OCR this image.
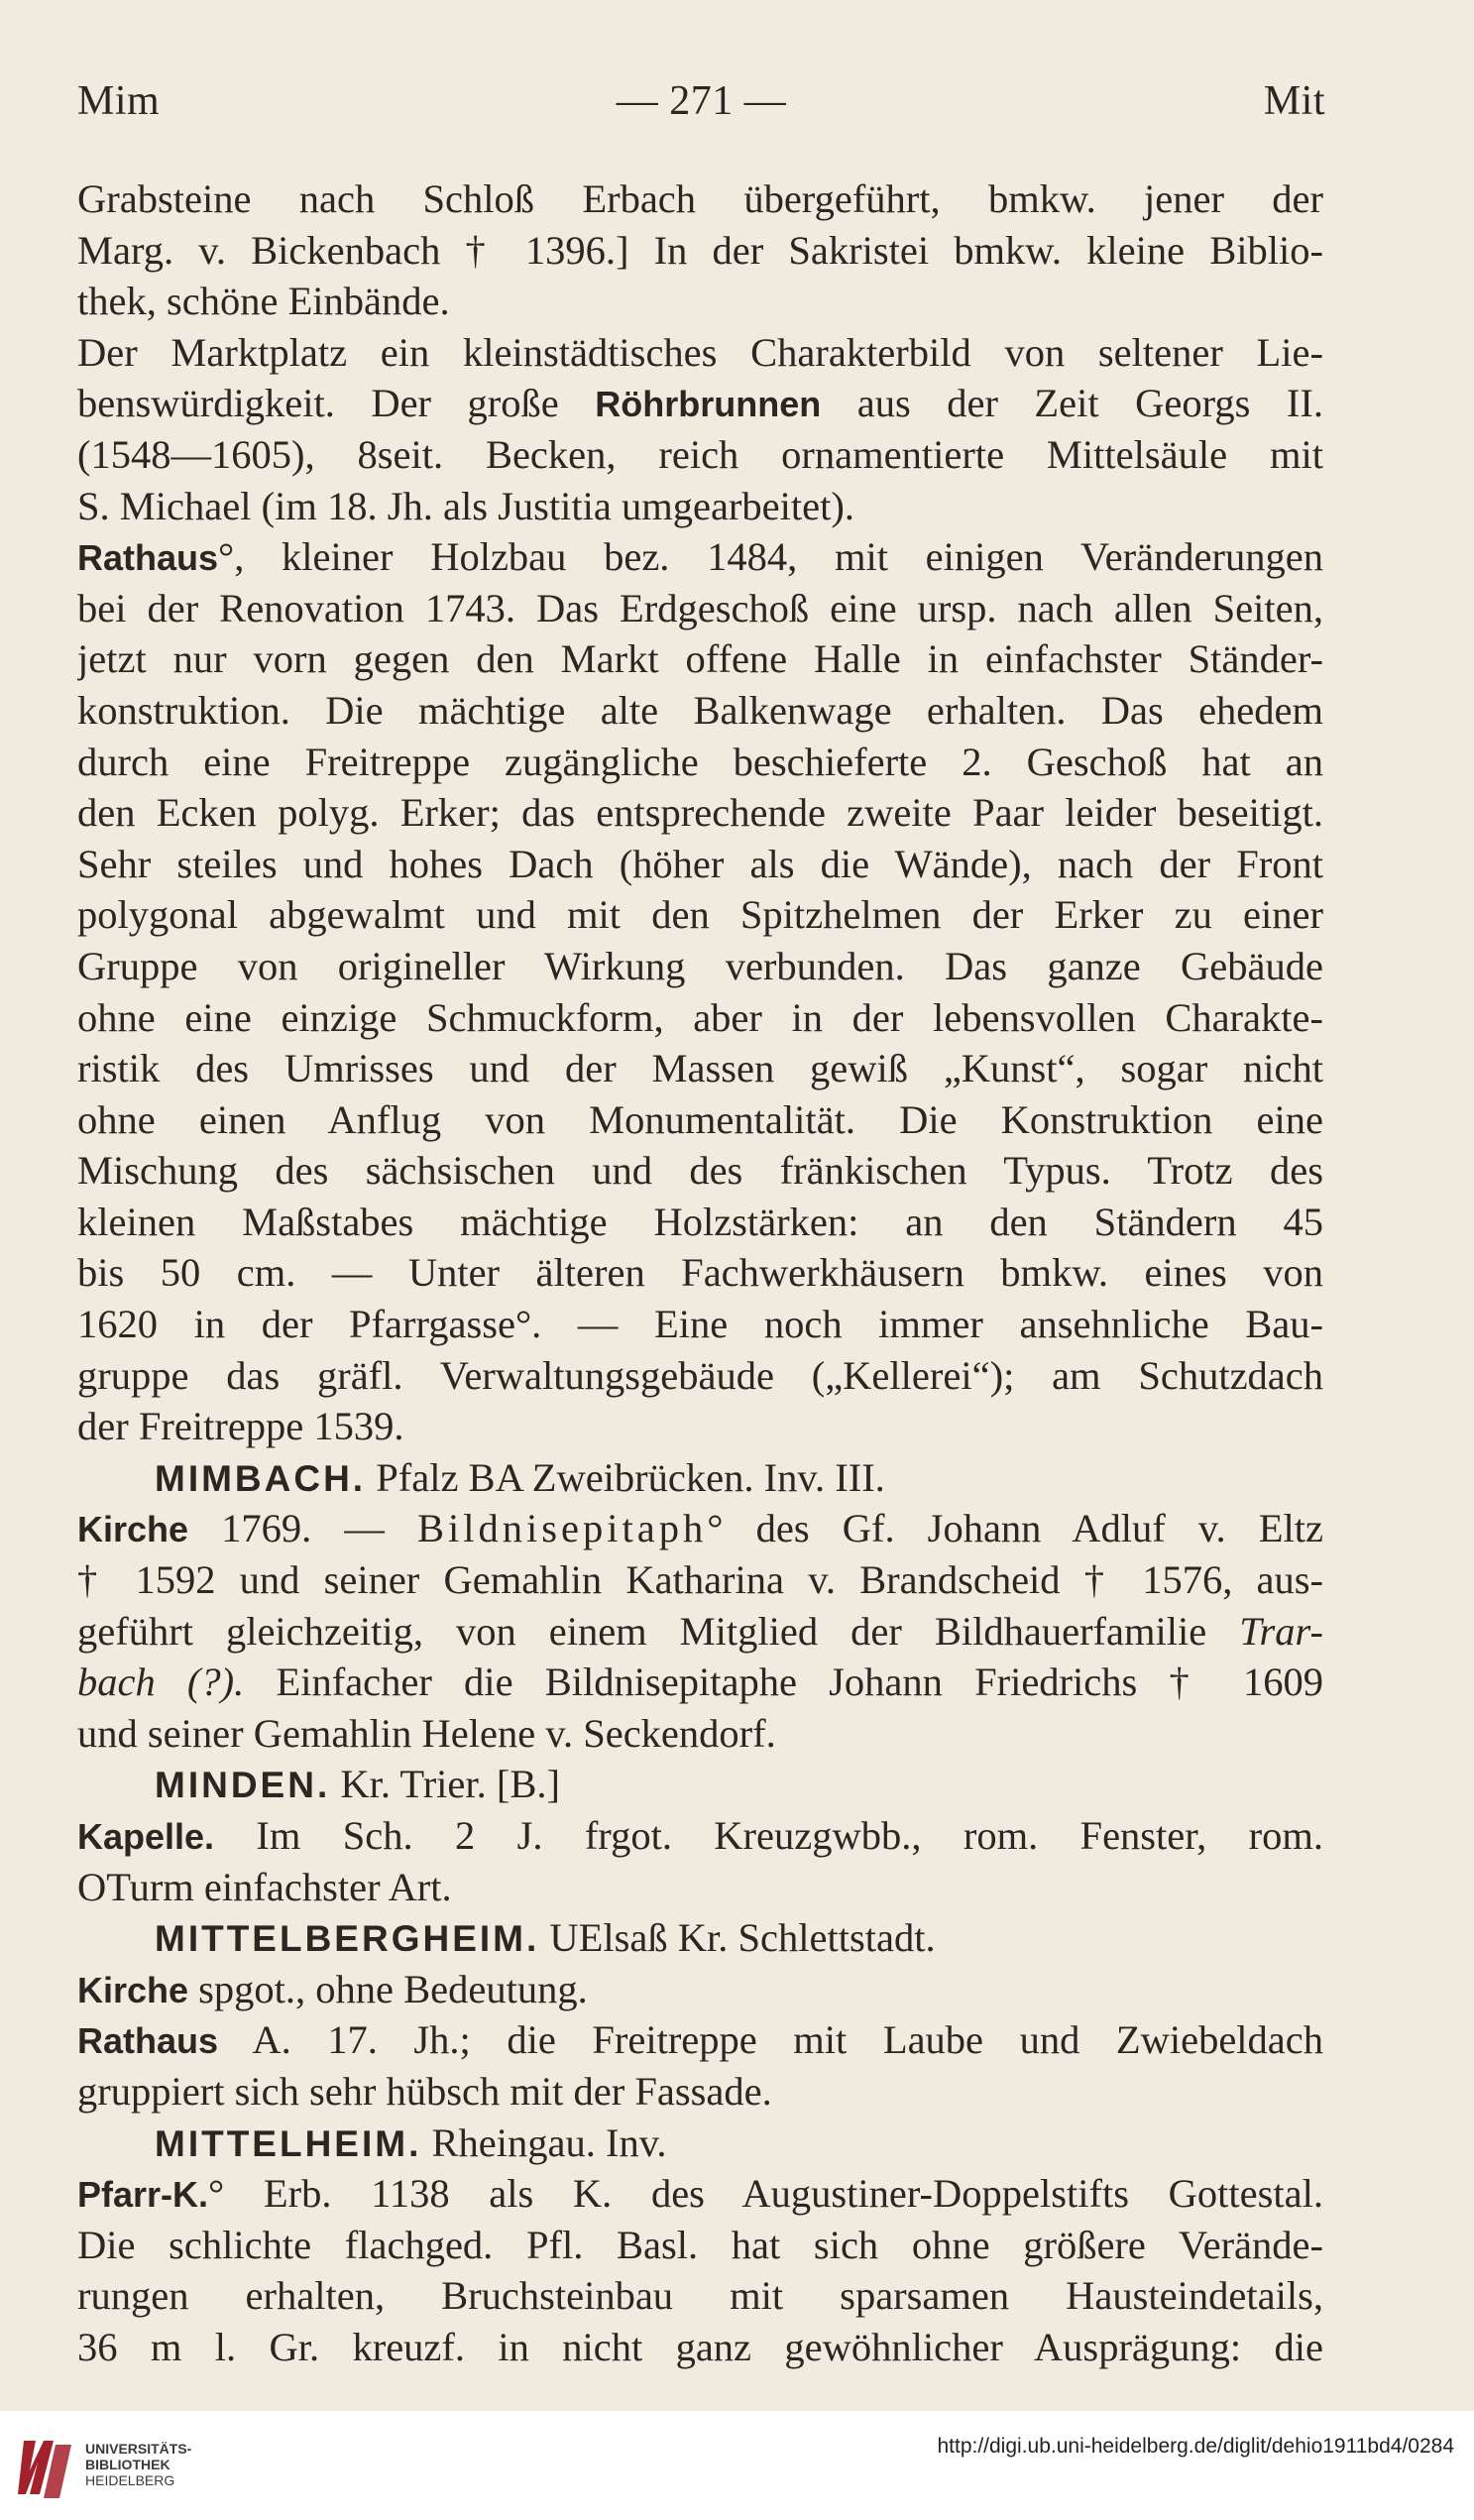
Mim	— 271 —	Mit
Grabsteine nach Schloß Erbach übergeführt, bmkw. jener der
Marg. v. Bickenbach † 1396.] In der Sakristei bmkw. kleine Biblio-
thek, schöne Einbände.
Der Marktplatz ein kleinstädtisches Charakterbild von seltener Lie-
benswürdigkeit. Der große Röhrbrunnen aus der Zeit Georgs II.
(1548—1605), 8seit. Becken, reich ornamentierte Mittelsäule mit
S. Michael (im 18. Jh. als Justitia umgearbeitet).
Rathaus°, kleiner Holzbau bez. 1484, mit einigen Veränderungen
bei der Renovation 1743. Das Erdgeschoß eine ursp. nach allen Seiten,
jetzt nur vorn gegen den Markt offene Halle in einfachster Ständer-
konstruktion. Die mächtige alte Balkenwage erhalten. Das ehedem
durch eine Freitreppe zugängliche beschieferte 2. Geschoß hat an
den Ecken polyg. Erker; das entsprechende zweite Paar leider beseitigt.
Sehr steiles und hohes Dach (höher als die Wände), nach der Front
polygonal abgewalmt und mit den Spitzhelmen der Erker zu einer
Gruppe von origineller Wirkung verbunden. Das ganze Gebäude
ohne eine einzige Schmuckform, aber in der lebensvollen Charakte-
ristik des Umrisses und der Massen gewiß „Kunst“, sogar nicht
ohne einen Anflug von Monumentalität. Die Konstruktion eine
Mischung des sächsischen und des fränkischen Typus. Trotz des
kleinen Maßstabes mächtige Holzstärken: an den Ständern 45
bis 50 cm. — Unter älteren Fachwerkhäusern bmkw. eines von
1620 in der Pfarrgasse°. — Eine noch immer ansehnliche Bau-
gruppe das gräfl. Verwaltungsgebäude („Kellerei“); am Schutzdach
der Freitreppe 1539.
MIMBACH. Pfalz BA Zweibrücken. Inv. III.
Kirche 1769. — Bildnisepitaph° des Gf. Johann Adluf v. Eltz
† 1592 und seiner Gemahlin Katharina v. Brandscheid † 1576, aus-
geführt gleichzeitig, von einem Mitglied der Bildhauerfamilie Trar-
bach (?). Einfacher die Bildnisepitaphe Johann Friedrichs † 1609
und seiner Gemahlin Helene v. Seckendorf.
MINDEN. Kr. Trier. [B.]
Kapelle. Im Sch. 2 J. frgot. Kreuzgwbb., rom. Fenster, rom.
OTurm einfachster Art.
MITTELBERGHEIM. UElsaß Kr. Schlettstadt.
Kirche spgot., ohne Bedeutung.
Rathaus A. 17. Jh.; die Freitreppe mit Laube und Zwiebeldach
gruppiert sich sehr hübsch mit der Fassade.
MITTELHEIM. Rheingau. Inv.
Pfarr-K.° Erb. 1138 als K. des Augustiner-Doppelstifts Gottestal.
Die schlichte flachged. Pfl. Basl. hat sich ohne größere Verände-
rungen erhalten, Bruchsteinbau mit sparsamen Hausteindetails,
36 m l. Gr. kreuzf. in nicht ganz gewöhnlicher Ausprägung: die
UNIVERSITÄTS-
BIBLIOTHEK
HEIDELBERG
http://digi.ub.uni-heidelberg.de/diglit/dehio1911bd4/0284
